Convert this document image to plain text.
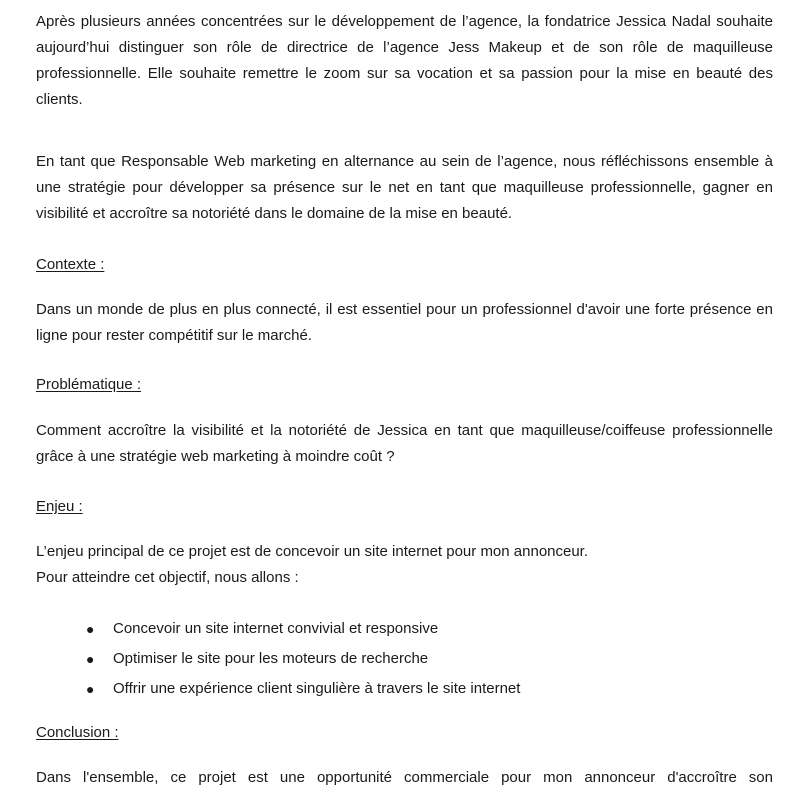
Après plusieurs années concentrées sur le développement de l’agence, la fondatrice Jessica Nadal souhaite aujourd’hui distinguer son rôle de directrice de l’agence Jess Makeup et de son rôle de maquilleuse professionnelle. Elle souhaite remettre le zoom sur sa vocation et sa passion pour la mise en beauté des clients.

En tant que Responsable Web marketing en alternance au sein de l’agence, nous réfléchissons ensemble à une stratégie pour développer sa présence sur le net en tant que maquilleuse professionnelle, gagner en visibilité et accroître sa notoriété dans le domaine de la mise en beauté.

Contexte :

Dans un monde de plus en plus connecté, il est essentiel pour un professionnel d'avoir une forte présence en ligne pour rester compétitif sur le marché.

Problématique :

Comment accroître la visibilité et la notoriété de Jessica en tant que maquilleuse/coiffeuse professionnelle grâce à une stratégie web marketing à moindre coût ?

Enjeu :

L’enjeu principal de ce projet est de concevoir un site internet pour mon annonceur.

Pour atteindre cet objectif, nous allons :

● Concevoir un site internet convivial et responsive
● Optimiser le site pour les moteurs de recherche
● Offrir une expérience client singulière à travers le site internet

Conclusion :

Dans l'ensemble, ce projet est une opportunité commerciale pour mon annonceur d'accroître son
